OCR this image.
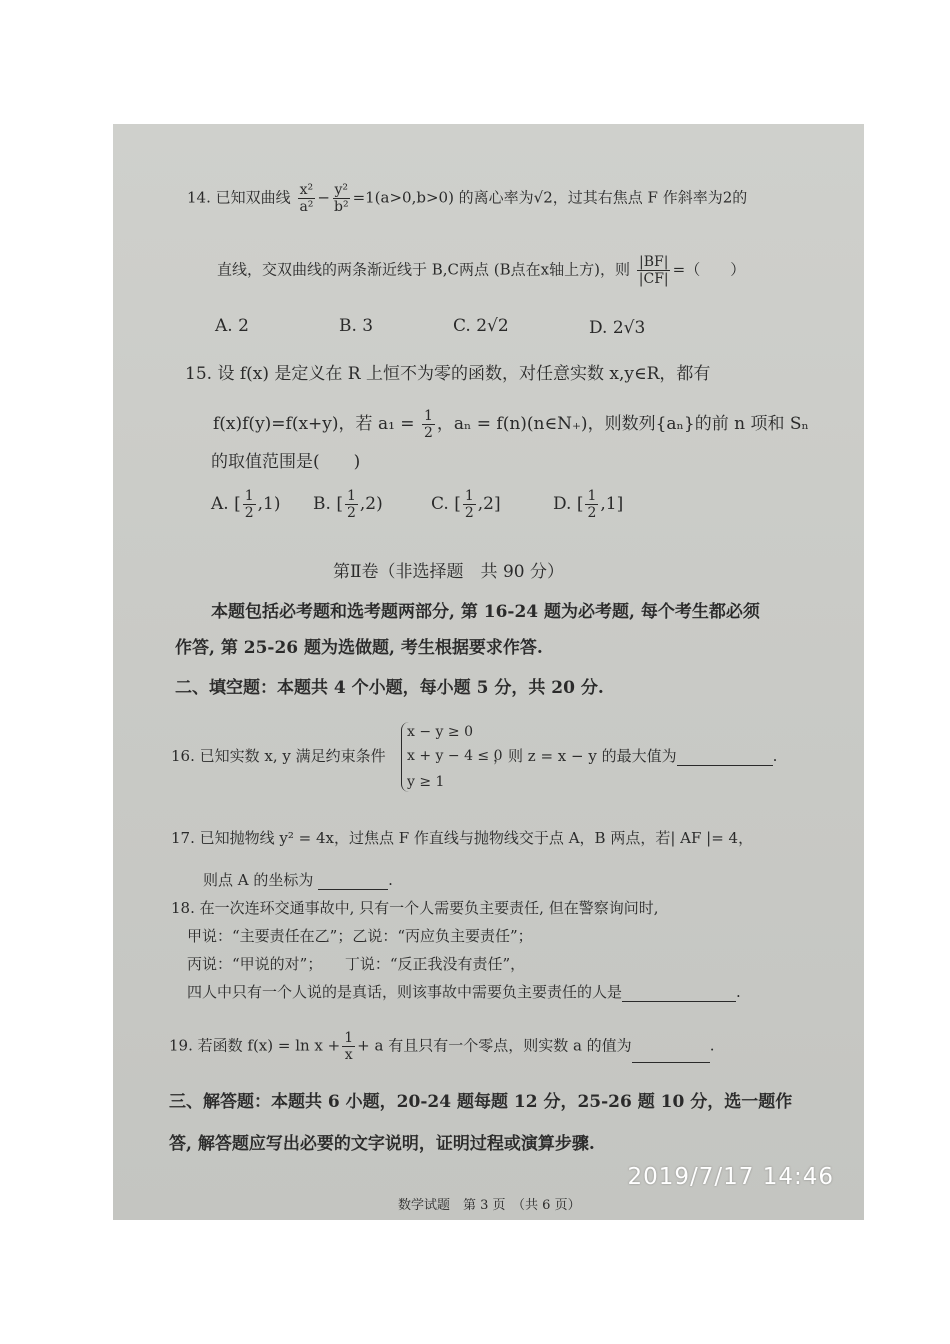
14. 已知双曲线 $\frac{\text{x²}}{\text{a²}} - \frac{\text{y²}}{\text{b²}} =1(a>0,b>0)$ 的离心率为√2，过其右焦点 F 作斜率为2的
直线，交双曲线的两条渐近线于 B,C两点 (B点在x轴上方)，则 $\frac{|BF|}{|CF|}$ =（　　）
A. 2	B. 3	C. 2√2	D. 2√3
15. 设 f(x) 是定义在 R 上恒不为零的函数，对任意实数 x,y∈R，都有
f(x)f(y)=f(x+y)，若 $a_1 = \frac{1}{2}$ ，aₙ = f(n)(n∈N₊)，则数列{aₙ}的前 n 项和 Sₙ
的取值范围是(　　)
A. [ $\frac{1}{2} ,1$) B. [ $\frac{1}{2} ,2$)	C. [ $\frac{1}{2} ,2$]	D. [ $\frac{1}{2} ,1$]
第Ⅱ卷（非选择题　共 90 分）
本题包括必考题和选考题两部分, 第 16-24 题为必考题, 每个考生都必须
作答, 第 25-26 题为选做题, 考生根据要求作答.
二、填空题：本题共 4 个小题，每小题 5 分，共 20 分.
16. 已知实数 x, y 满足约束条件
x − y ≥ 0
x + y − 4 ≤ 0
y ≥ 1
，则 z = x − y 的最大值为	.
17. 已知抛物线 y² = 4x，过焦点 F 作直线与抛物线交于点 A，B 两点，若| AF |= 4，
则点 A 的坐标为	.
18. 在一次连环交通事故中, 只有一个人需要负主要责任, 但在警察询问时,
甲说：“主要责任在乙”；乙说：“丙应负主要责任”；
丙说：“甲说的对”；　　丁说：“反正我没有责任”，
四人中只有一个人说的是真话，则该事故中需要负主要责任的人是	.
19. 若函数 $f(x) = \ln x + \frac{1}{x} + a$ 有且只有一个零点，则实数 a 的值为	.
三、解答题：本题共 6 小题，20-24 题每题 12 分，25-26 题 10 分，选一题作
答, 解答题应写出必要的文字说明，证明过程或演算步骤.
2019/7/17 14:46
数学试题　第 3 页　（共 6 页）
